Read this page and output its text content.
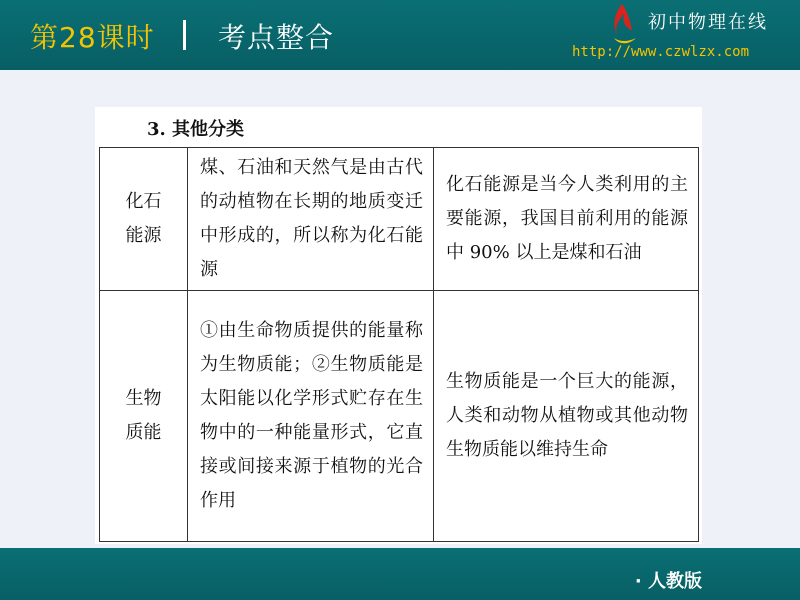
第28课时 考点整合	初中物理在线
http://www.czwlzx.com
3. 其他分类
化石
能源	煤、石油和天然气是由古代的动植物在长期的地质变迁中形成的，所以称为化石能源	化石能源是当今人类利用的主要能源，我国目前利用的能源中 90% 以上是煤和石油

生物
质能	①由生命物质提供的能量称为生物质能；②生物质能是太阳能以化学形式贮存在生物中的一种能量形式，它直接或间接来源于植物的光合作用	生物质能是一个巨大的能源，人类和动物从植物或其他动物生物质能以维持生命
· 人教版
